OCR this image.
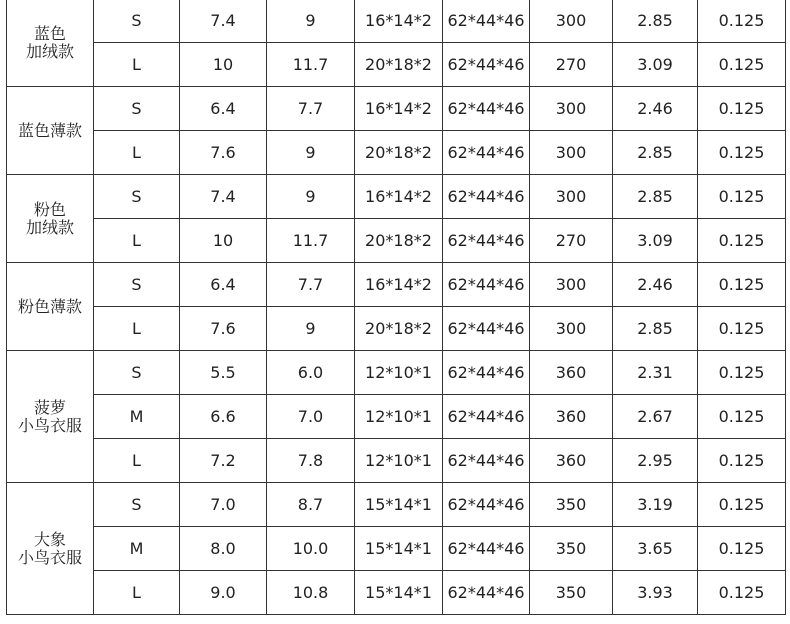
蓝色
加绒款	S	7.4	9	16*14*2	62*44*46	300	2.85	0.125
	L	10	11.7	20*18*2	62*44*46	270	3.09	0.125

蓝色薄款	S	6.4	7.7	16*14*2	62*44*46	300	2.46	0.125
	L	7.6	9	20*18*2	62*44*46	300	2.85	0.125

粉色
加绒款	S	7.4	9	16*14*2	62*44*46	300	2.85	0.125
	L	10	11.7	20*18*2	62*44*46	270	3.09	0.125

粉色薄款	S	6.4	7.7	16*14*2	62*44*46	300	2.46	0.125
	L	7.6	9	20*18*2	62*44*46	300	2.85	0.125

菠萝
小鸟衣服	S	5.5	6.0	12*10*1	62*44*46	360	2.31	0.125
	M	6.6	7.0	12*10*1	62*44*46	360	2.67	0.125
	L	7.2	7.8	12*10*1	62*44*46	360	2.95	0.125

大象
小鸟衣服	S	7.0	8.7	15*14*1	62*44*46	350	3.19	0.125
	M	8.0	10.0	15*14*1	62*44*46	350	3.65	0.125
	L	9.0	10.8	15*14*1	62*44*46	350	3.93	0.125
